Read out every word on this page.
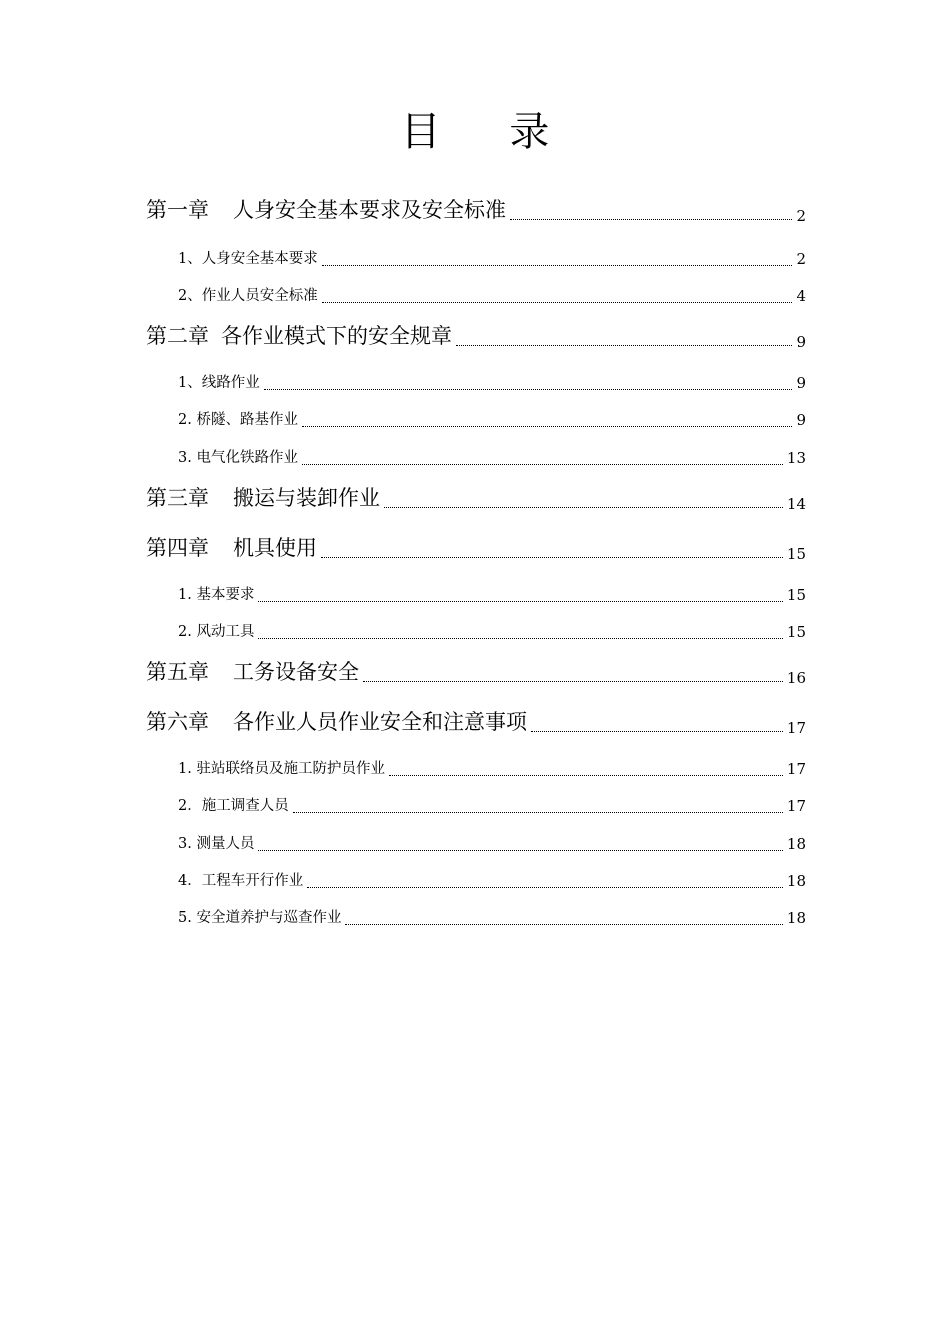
目 录
第一章 人身安全基本要求及安全标准	2
1、人身安全基本要求	2
2、作业人员安全标准	4
第二章 各作业模式下的安全规章	9
1、线路作业	9
2. 桥隧、路基作业	9
3. 电气化铁路作业	13
第三章 搬运与装卸作业	14
第四章 机具使用	15
1. 基本要求	15
2. 风动工具	15
第五章 工务设备安全	16
第六章 各作业人员作业安全和注意事项	17
1. 驻站联络员及施工防护员作业	17
2．施工调查人员	17
3. 测量人员	18
4．工程车开行作业	18
5. 安全道养护与巡查作业	18
